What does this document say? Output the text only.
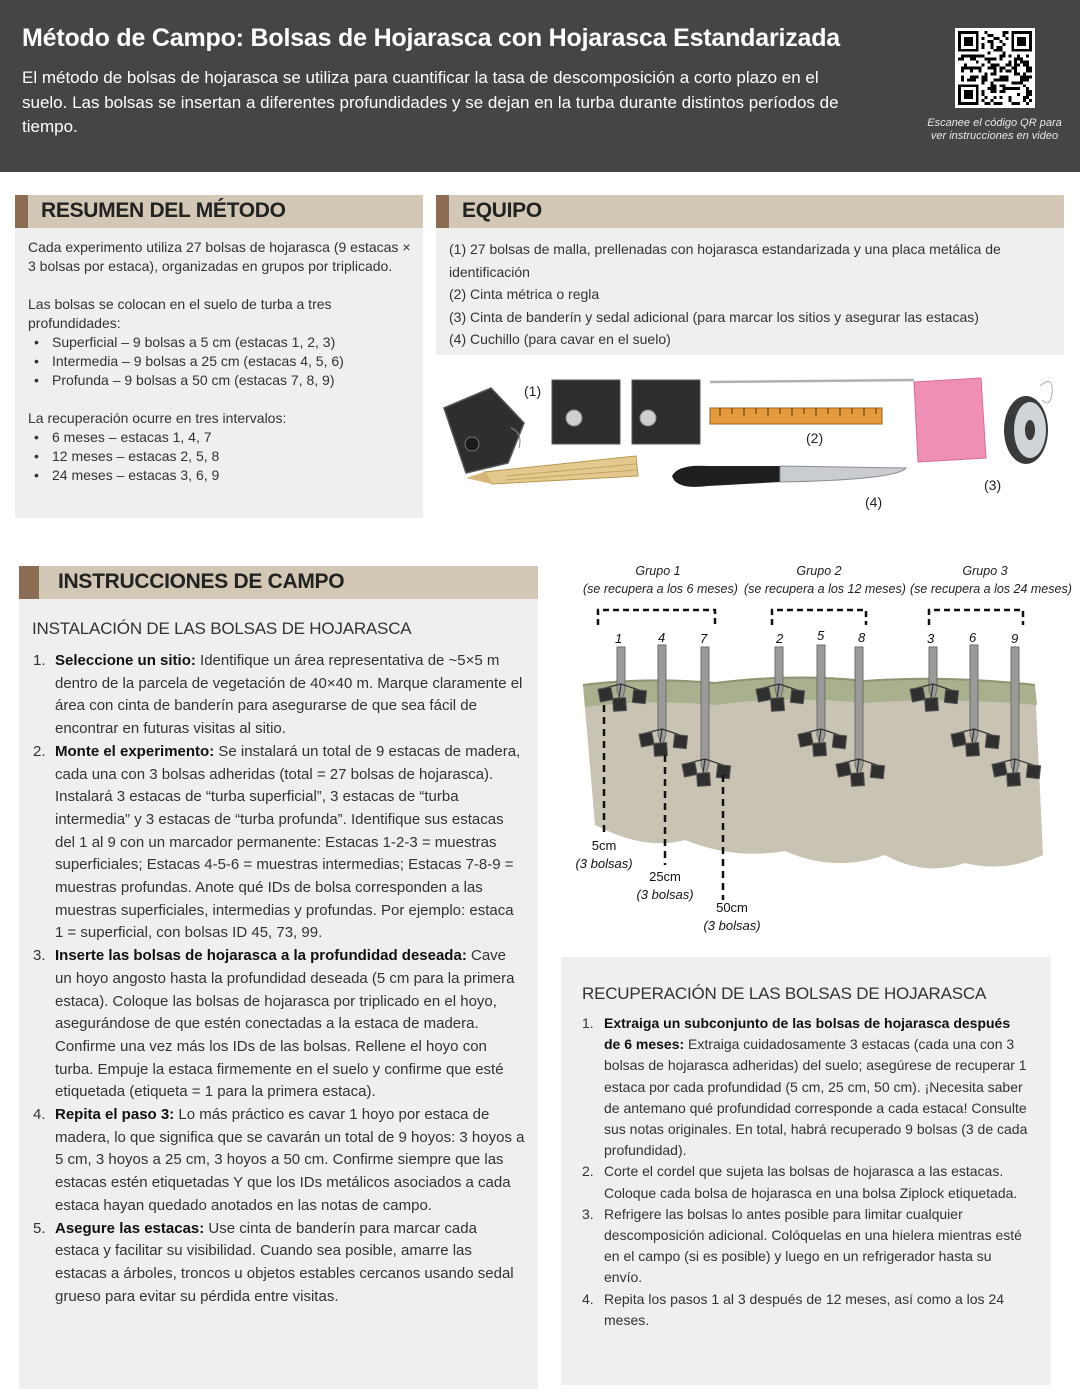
Método de Campo: Bolsas de Hojarasca con Hojarasca Estandarizada

El método de bolsas de hojarasca se utiliza para cuantificar la tasa de descomposición a corto plazo en el suelo. Las bolsas se insertan a diferentes profundidades y se dejan en la turba durante distintos períodos de tiempo.	Escanee el código QR para
ver instrucciones en video
RESUMEN DEL MÉTODO

Cada experimento utiliza 27 bolsas de hojarasca (9 estacas × 3 bolsas por estaca), organizadas en grupos por triplicado.

Las bolsas se colocan en el suelo de turba a tres profundidades:
• Superficial – 9 bolsas a 5 cm (estacas 1, 2, 3)
• Intermedia – 9 bolsas a 25 cm (estacas 4, 5, 6)
• Profunda – 9 bolsas a 50 cm (estacas 7, 8, 9)
La recuperación ocurre en tres intervalos:
• 6 meses – estacas 1, 4, 7
• 12 meses – estacas 2, 5, 8
• 24 meses – estacas 3, 6, 9
EQUIPO
(1) 27 bolsas de malla, prellenadas con hojarasca estandarizada y una placa metálica de
identificación
(2) Cinta métrica o regla
(3) Cinta de banderín y sedal adicional (para marcar los sitios y asegurar las estacas)
(4) Cuchillo (para cavar en el suelo)
(1)
(2)
(3)
(4)
INSTRUCCIONES DE CAMPO
INSTALACIÓN DE LAS BOLSAS DE HOJARASCA
1. Seleccione un sitio: Identifique un área representativa de ~5×5 m dentro de la parcela de vegetación de 40×40 m. Marque claramente el área con cinta de banderín para asegurarse de que sea fácil de encontrar en futuras visitas al sitio.
2. Monte el experimento: Se instalará un total de 9 estacas de madera, cada una con 3 bolsas adheridas (total = 27 bolsas de hojarasca). Instalará 3 estacas de “turba superficial”, 3 estacas de “turba intermedia” y 3 estacas de “turba profunda”. Identifique sus estacas del 1 al 9 con un marcador permanente: Estacas 1-2-3 = muestras superficiales; Estacas 4-5-6 = muestras intermedias; Estacas 7-8-9 = muestras profundas. Anote qué IDs de bolsa corresponden a las muestras superficiales, intermedias y profundas. Por ejemplo: estaca 1 = superficial, con bolsas ID 45, 73, 99.
3. Inserte las bolsas de hojarasca a la profundidad deseada: Cave un hoyo angosto hasta la profundidad deseada (5 cm para la primera estaca). Coloque las bolsas de hojarasca por triplicado en el hoyo, asegurándose de que estén conectadas a la estaca de madera. Confirme una vez más los IDs de las bolsas. Rellene el hoyo con turba. Empuje la estaca firmemente en el suelo y confirme que esté etiquetada (etiqueta = 1 para la primera estaca).
4. Repita el paso 3: Lo más práctico es cavar 1 hoyo por estaca de madera, lo que significa que se cavarán un total de 9 hoyos: 3 hoyos a 5 cm, 3 hoyos a 25 cm, 3 hoyos a 50 cm. Confirme siempre que las estacas estén etiquetadas Y que los IDs metálicos asociados a cada estaca hayan quedado anotados en las notas de campo.
5. Asegure las estacas: Use cinta de banderín para marcar cada estaca y facilitar su visibilidad. Cuando sea posible, amarre las estacas a árboles, troncos u objetos estables cercanos usando sedal grueso para evitar su pérdida entre visitas.
Grupo 1
(se recupera a los 6 meses)
Grupo 2
(se recupera a los 12 meses)
Grupo 3
(se recupera a los 24 meses)
1	4	7	2	5	8	3	6	9
5cm
(3 bolsas)
25cm
(3 bolsas)
50cm
(3 bolsas)
RECUPERACIÓN DE LAS BOLSAS DE HOJARASCA
1. Extraiga un subconjunto de las bolsas de hojarasca después de 6 meses: Extraiga cuidadosamente 3 estacas (cada una con 3 bolsas de hojarasca adheridas) del suelo; asegúrese de recuperar 1 estaca por cada profundidad (5 cm, 25 cm, 50 cm). ¡Necesita saber de antemano qué profundidad corresponde a cada estaca! Consulte sus notas originales. En total, habrá recuperado 9 bolsas (3 de cada profundidad).
2. Corte el cordel que sujeta las bolsas de hojarasca a las estacas. Coloque cada bolsa de hojarasca en una bolsa Ziplock etiquetada.
3. Refrigere las bolsas lo antes posible para limitar cualquier descomposición adicional. Colóquelas en una hielera mientras esté en el campo (si es posible) y luego en un refrigerador hasta su envío.
4. Repita los pasos 1 al 3 después de 12 meses, así como a los 24 meses.
